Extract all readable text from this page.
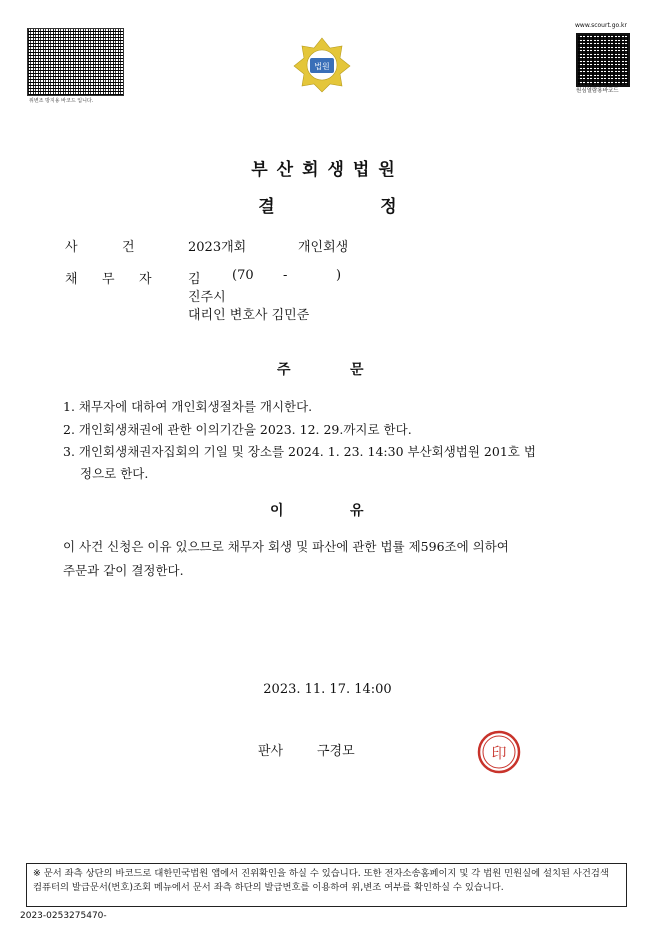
위변조 방지용 바코드 입니다.
www.scourt.go.kr
원심열람용바코드
법원
부산회생법원
결	정
사	건	2023개회	개인회생
채 무 자	김 (70 -	)
진주시
대리인 변호사 김민준
주	문
1. 채무자에 대하여 개인회생절차를 개시한다.
2. 개인회생채권에 관한 이의기간을 2023. 12. 29.까지로 한다.
3. 개인회생채권자집회의 기일 및 장소를 2024. 1. 23. 14:30 부산회생법원 201호 법
정으로 한다.
이	유
이 사건 신청은 이유 있으므로 채무자 회생 및 파산에 관한 법률 제596조에 의하여
주문과 같이 결정한다.
2023. 11. 17. 14:00
판사	구경모	印
※ 문서 좌측 상단의 바코드로 대한민국법원 앱에서 진위확인을 하실 수 있습니다. 또한 전자소송홈페이지 및 각 법원 민원실에 설치된 사건검색 컴퓨터의 발급문서(번호)조회 메뉴에서 문서 좌측 하단의 발급번호를 이용하여 위,변조 여부를 확인하실 수 있습니다.
2023-0253275470-
